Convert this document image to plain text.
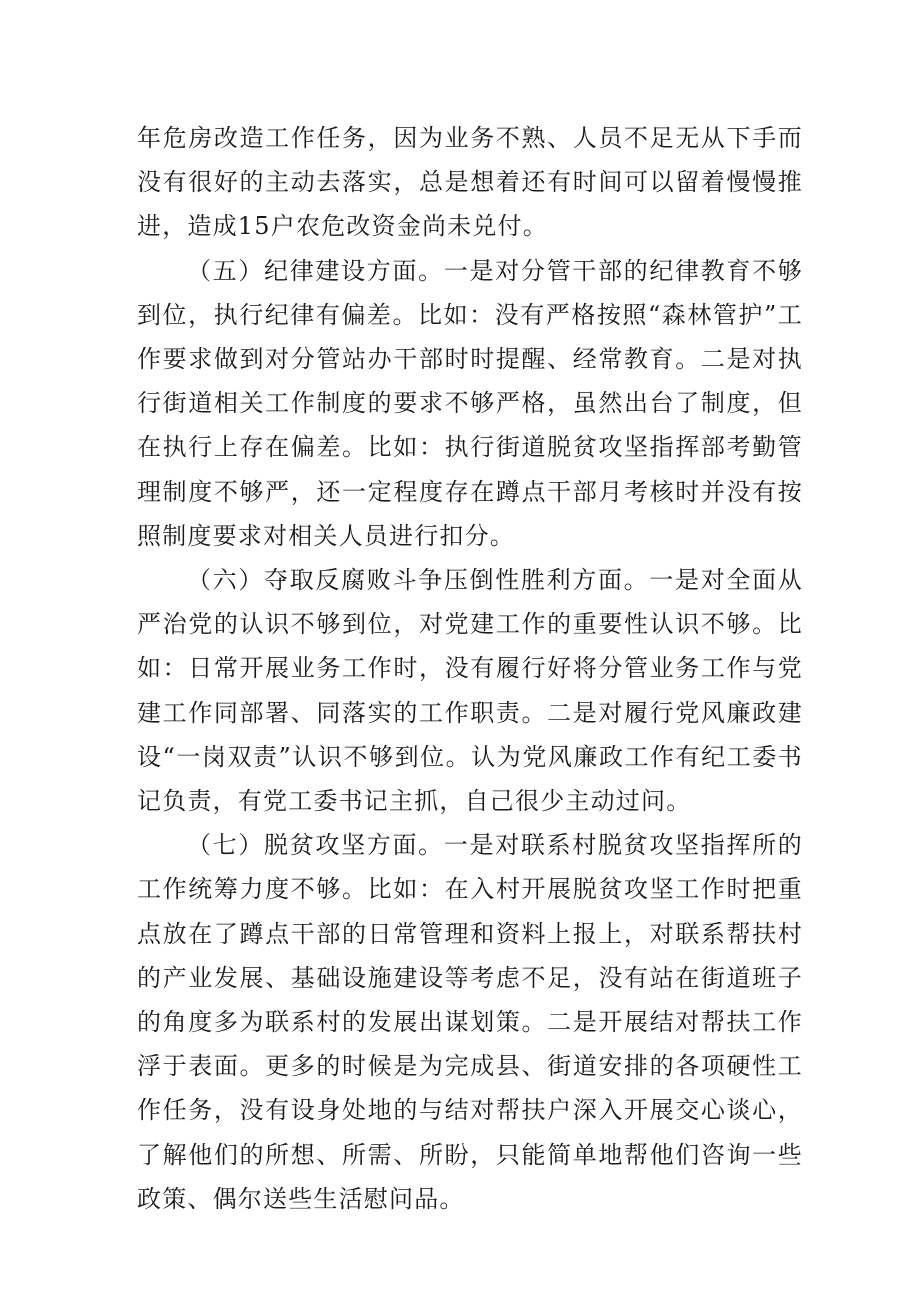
年危房改造工作任务，因为业务不熟、人员不足无从下手而没有很好的主动去落实，总是想着还有时间可以留着慢慢推进，造成15户农危改资金尚未兑付。

（五）纪律建设方面。一是对分管干部的纪律教育不够到位，执行纪律有偏差。比如：没有严格按照“森林管护”工作要求做到对分管站办干部时时提醒、经常教育。二是对执行街道相关工作制度的要求不够严格，虽然出台了制度，但在执行上存在偏差。比如：执行街道脱贫攻坚指挥部考勤管理制度不够严，还一定程度存在蹲点干部月考核时并没有按照制度要求对相关人员进行扣分。

（六）夺取反腐败斗争压倒性胜利方面。一是对全面从严治党的认识不够到位，对党建工作的重要性认识不够。比如：日常开展业务工作时，没有履行好将分管业务工作与党建工作同部署、同落实的工作职责。二是对履行党风廉政建设“一岗双责”认识不够到位。认为党风廉政工作有纪工委书记负责，有党工委书记主抓，自己很少主动过问。

（七）脱贫攻坚方面。一是对联系村脱贫攻坚指挥所的工作统筹力度不够。比如：在入村开展脱贫攻坚工作时把重点放在了蹲点干部的日常管理和资料上报上，对联系帮扶村的产业发展、基础设施建设等考虑不足，没有站在街道班子的角度多为联系村的发展出谋划策。二是开展结对帮扶工作浮于表面。更多的时候是为完成县、街道安排的各项硬性工作任务，没有设身处地的与结对帮扶户深入开展交心谈心，了解他们的所想、所需、所盼，只能简单地帮他们咨询一些政策、偶尔送些生活慰问品。
